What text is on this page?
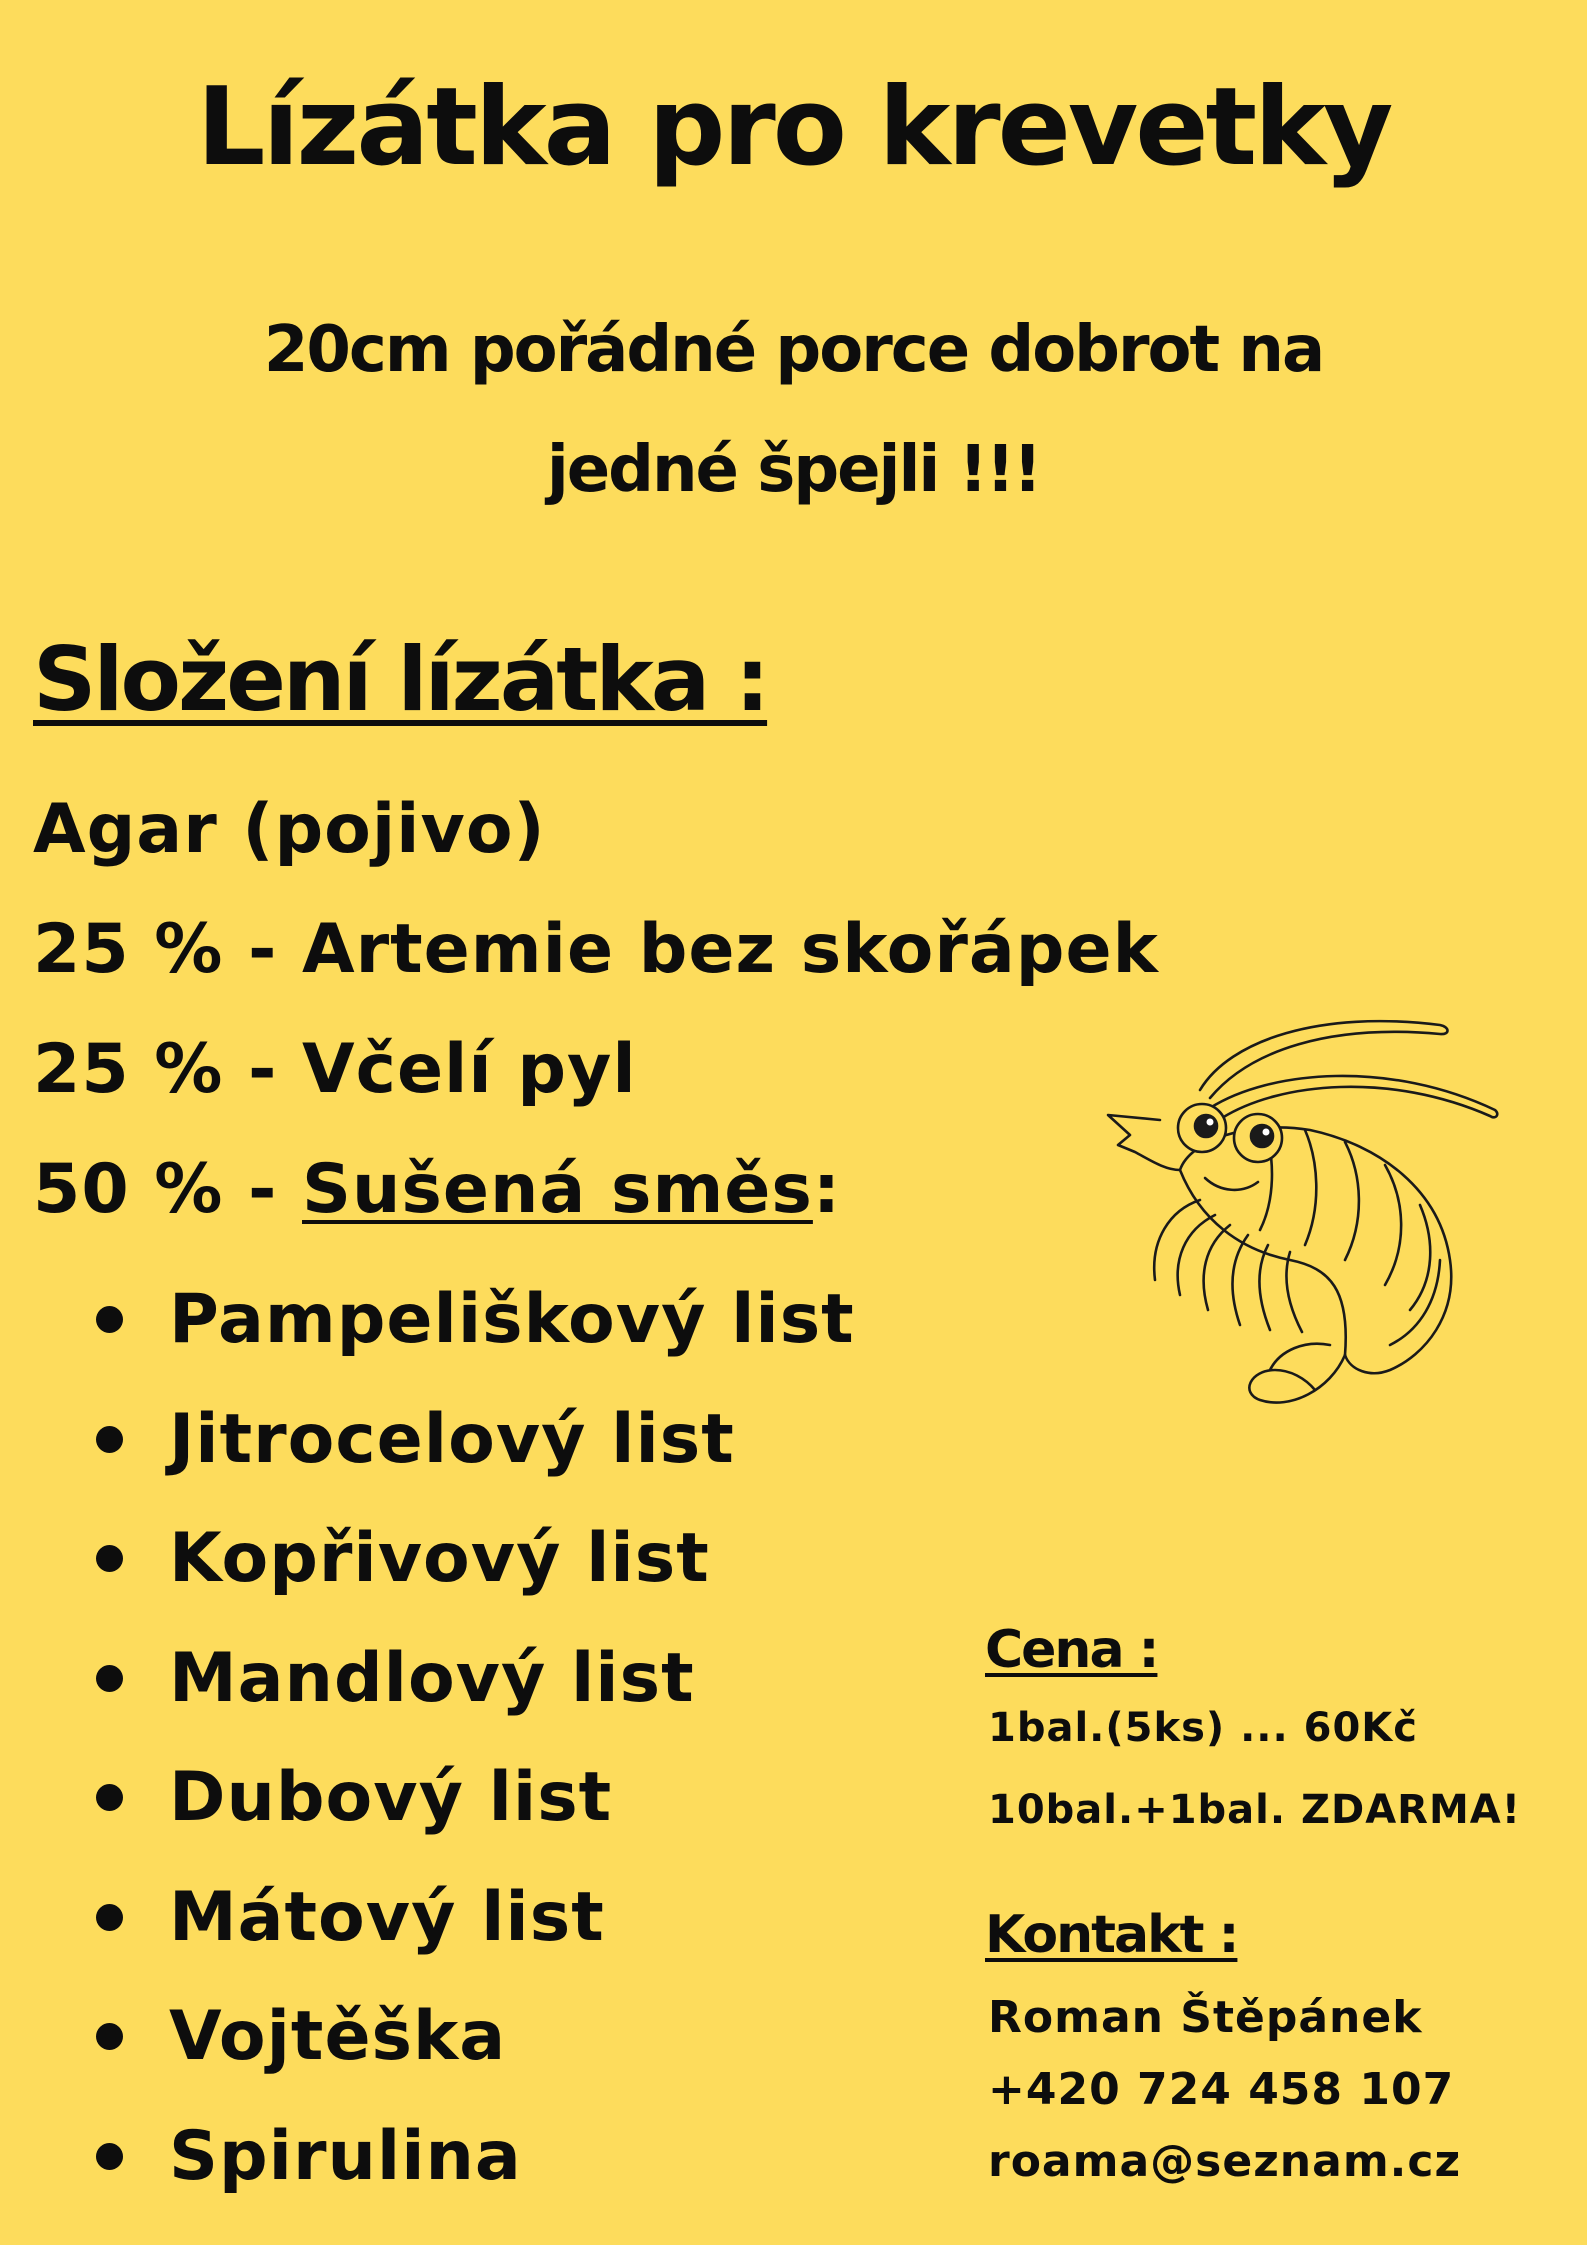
Lízátka pro krevetky
20cm pořádné porce dobrot na
jedné špejli !!!
Složení lízátka :
Agar (pojivo)
25 % - Artemie bez skořápek
25 % - Včelí pyl
50 % - Sušená směs:
Pampeliškový list
Jitrocelový list
Kopřivový list
Mandlový list
Dubový list
Mátový list
Vojtěška
Spirulina
Cena :
1bal.(5ks) ... 60Kč
10bal.+1bal. ZDARMA!
Kontakt :
Roman Štěpánek
+420 724 458 107
roama@seznam.cz
